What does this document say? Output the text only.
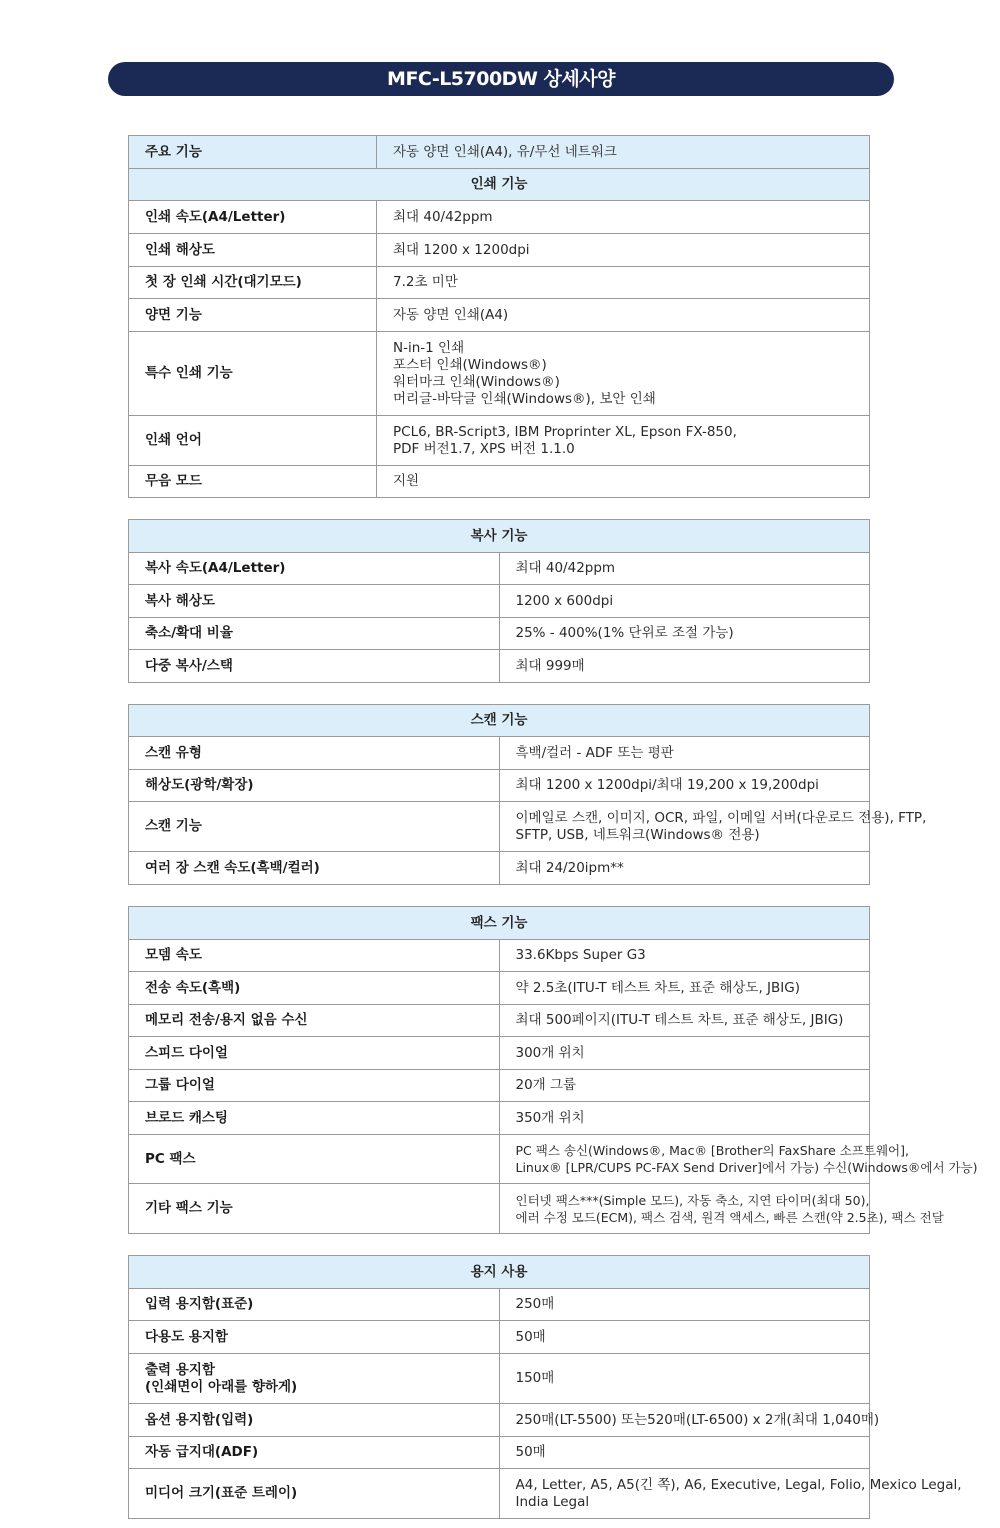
MFC-L5700DW 상세사양
주요 기능	자동 양면 인쇄(A4), 유/무선 네트워크
인쇄 기능	
인쇄 속도(A4/Letter)	최대 40/42ppm

인쇄 해상도	최대 1200 x 1200dpi

첫 장 인쇄 시간(대기모드)	7.2초 미만

양면 기능	자동 양면 인쇄(A4)

특수 인쇄 기능	N-in-1 인쇄
포스터 인쇄(Windows®)
워터마크 인쇄(Windows®)
머리글-바닥글 인쇄(Windows®), 보안 인쇄

인쇄 언어	PCL6, BR-Script3, IBM Proprinter XL, Epson FX-850,
PDF 버전1.7, XPS 버전 1.1.0

무음 모드	지원
복사 기능	
복사 속도(A4/Letter)	최대 40/42ppm

복사 해상도	1200 x 600dpi

축소/확대 비율	25% - 400%(1% 단위로 조절 가능)

다중 복사/스택	최대 999매
스캔 기능	
스캔 유형	흑백/컬러 - ADF 또는 평판

해상도(광학/확장)	최대 1200 x 1200dpi/최대 19,200 x 19,200dpi

스캔 기능	이메일로 스캔, 이미지, OCR, 파일, 이메일 서버(다운로드 전용), FTP,
SFTP, USB, 네트워크(Windows® 전용)

여러 장 스캔 속도(흑백/컬러)	최대 24/20ipm**
팩스 기능	
모뎀 속도	33.6Kbps Super G3

전송 속도(흑백)	약 2.5초(ITU-T 테스트 차트, 표준 해상도, JBIG)

메모리 전송/용지 없음 수신	최대 500페이지(ITU-T 테스트 차트, 표준 해상도, JBIG)

스피드 다이얼	300개 위치

그룹 다이얼	20개 그룹

브로드 캐스팅	350개 위치

PC 팩스	PC 팩스 송신(Windows®, Mac® [Brother의 FaxShare 소프트웨어],
Linux® [LPR/CUPS PC-FAX Send Driver]에서 가능) 수신(Windows®에서 가능)

기타 팩스 기능	인터넷 팩스***(Simple 모드), 자동 축소, 지연 타이머(최대 50),
에러 수정 모드(ECM), 팩스 검색, 원격 액세스, 빠른 스캔(약 2.5초), 팩스 전달
용지 사용	
입력 용지함(표준)	250매

다용도 용지함	50매

출력 용지함
(인쇄면이 아래를 향하게)	150매

옵션 용지함(입력)	250매(LT-5500) 또는520매(LT-6500) x 2개(최대 1,040매)

자동 급지대(ADF)	50매

미디어 크기(표준 트레이)	A4, Letter, A5, A5(긴 쪽), A6, Executive, Legal, Folio, Mexico Legal,
India Legal
